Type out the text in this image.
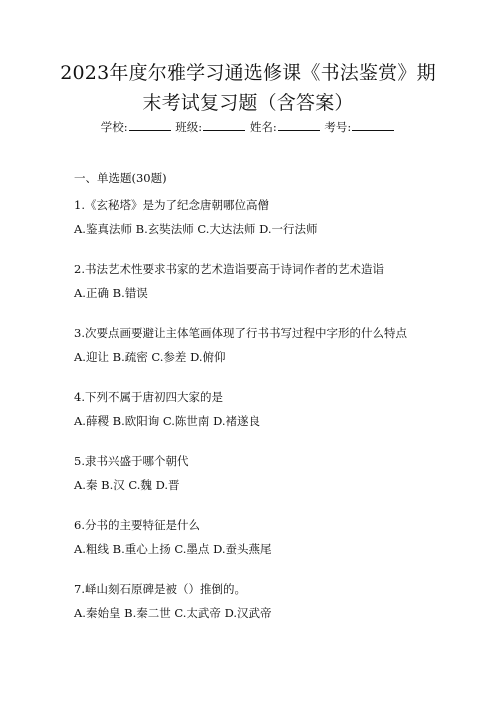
2023年度尔雅学习通选修课《书法鉴赏》期
末考试复习题（含答案）
学校:	班级:	姓名:	考号:
一、单选题(30题)
1.《玄秘塔》是为了纪念唐朝哪位高僧
A.鉴真法师 B.玄奘法师 C.大达法师 D.一行法师
2.书法艺术性要求书家的艺术造诣要高于诗词作者的艺术造诣
A.正确 B.错误
3.次要点画要避让主体笔画体现了行书书写过程中字形的什么特点
A.迎让 B.疏密 C.参差 D.俯仰
4.下列不属于唐初四大家的是
A.薛稷 B.欧阳询 C.陈世南 D.褚遂良
5.隶书兴盛于哪个朝代
A.秦 B.汉 C.魏 D.晋
6.分书的主要特征是什么
A.粗线 B.重心上扬 C.墨点 D.蚕头燕尾
7.峄山刻石原碑是被（）推倒的。
A.秦始皇 B.秦二世 C.太武帝 D.汉武帝
